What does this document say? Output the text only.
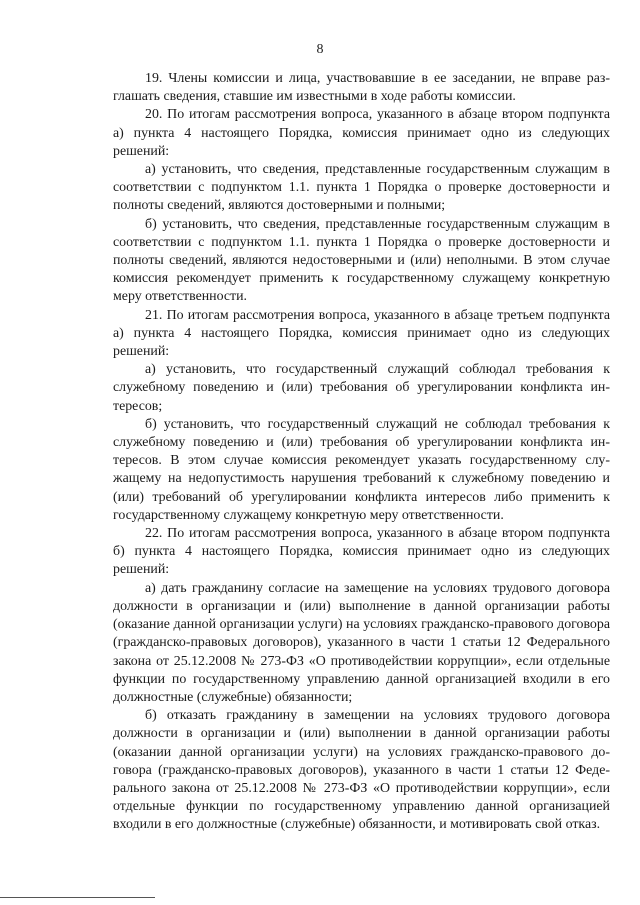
8

19. Члены комиссии и лица, участвовавшие в ее заседании, не вправе разглашать сведения, ставшие им известными в ходе работы комиссии.

20. По итогам рассмотрения вопроса, указанного в абзаце втором подпункта а) пункта 4 настоящего Порядка, комиссия принимает одно из следующих решений:

а) установить, что сведения, представленные государственным служащим в соответствии с подпунктом 1.1. пункта 1 Порядка о проверке достоверности и полноты сведений, являются достоверными и полными;

б) установить, что сведения, представленные государственным служащим в соответствии с подпунктом 1.1. пункта 1 Порядка о проверке достоверности и полноты сведений, являются недостоверными и (или) неполными. В этом случае комиссия рекомендует применить к государственному служащему конкретную меру ответственности.

21. По итогам рассмотрения вопроса, указанного в абзаце третьем подпункта а) пункта 4 настоящего Порядка, комиссия принимает одно из следующих решений:

а) установить, что государственный служащий соблюдал требования к служебному поведению и (или) требования об урегулировании конфликта интересов;

б) установить, что государственный служащий не соблюдал требования к служебному поведению и (или) требования об урегулировании конфликта интересов. В этом случае комиссия рекомендует указать государственному служащему на недопустимость нарушения требований к служебному поведению и (или) требований об урегулировании конфликта интересов либо применить к государственному служащему конкретную меру ответственности.

22. По итогам рассмотрения вопроса, указанного в абзаце втором подпункта б) пункта 4 настоящего Порядка, комиссия принимает одно из следующих решений:

а) дать гражданину согласие на замещение на условиях трудового договора должности в организации и (или) выполнение в данной организации работы (оказание данной организации услуги) на условиях гражданско-правового договора (гражданско-правовых договоров), указанного в части 1 статьи 12 Федерального закона от 25.12.2008 № 273-ФЗ «О противодействии коррупции», если отдельные функции по государственному управлению данной организацией входили в его должностные (служебные) обязанности;

б) отказать гражданину в замещении на условиях трудового договора должности в организации и (или) выполнении в данной организации работы (оказании данной организации услуги) на условиях гражданско-правового договора (гражданско-правовых договоров), указанного в части 1 статьи 12 Федерального закона от 25.12.2008 № 273-ФЗ «О противодействии коррупции», если отдельные функции по государственному управлению данной организацией входили в его должностные (служебные) обязанности, и мотивировать свой отказ.
